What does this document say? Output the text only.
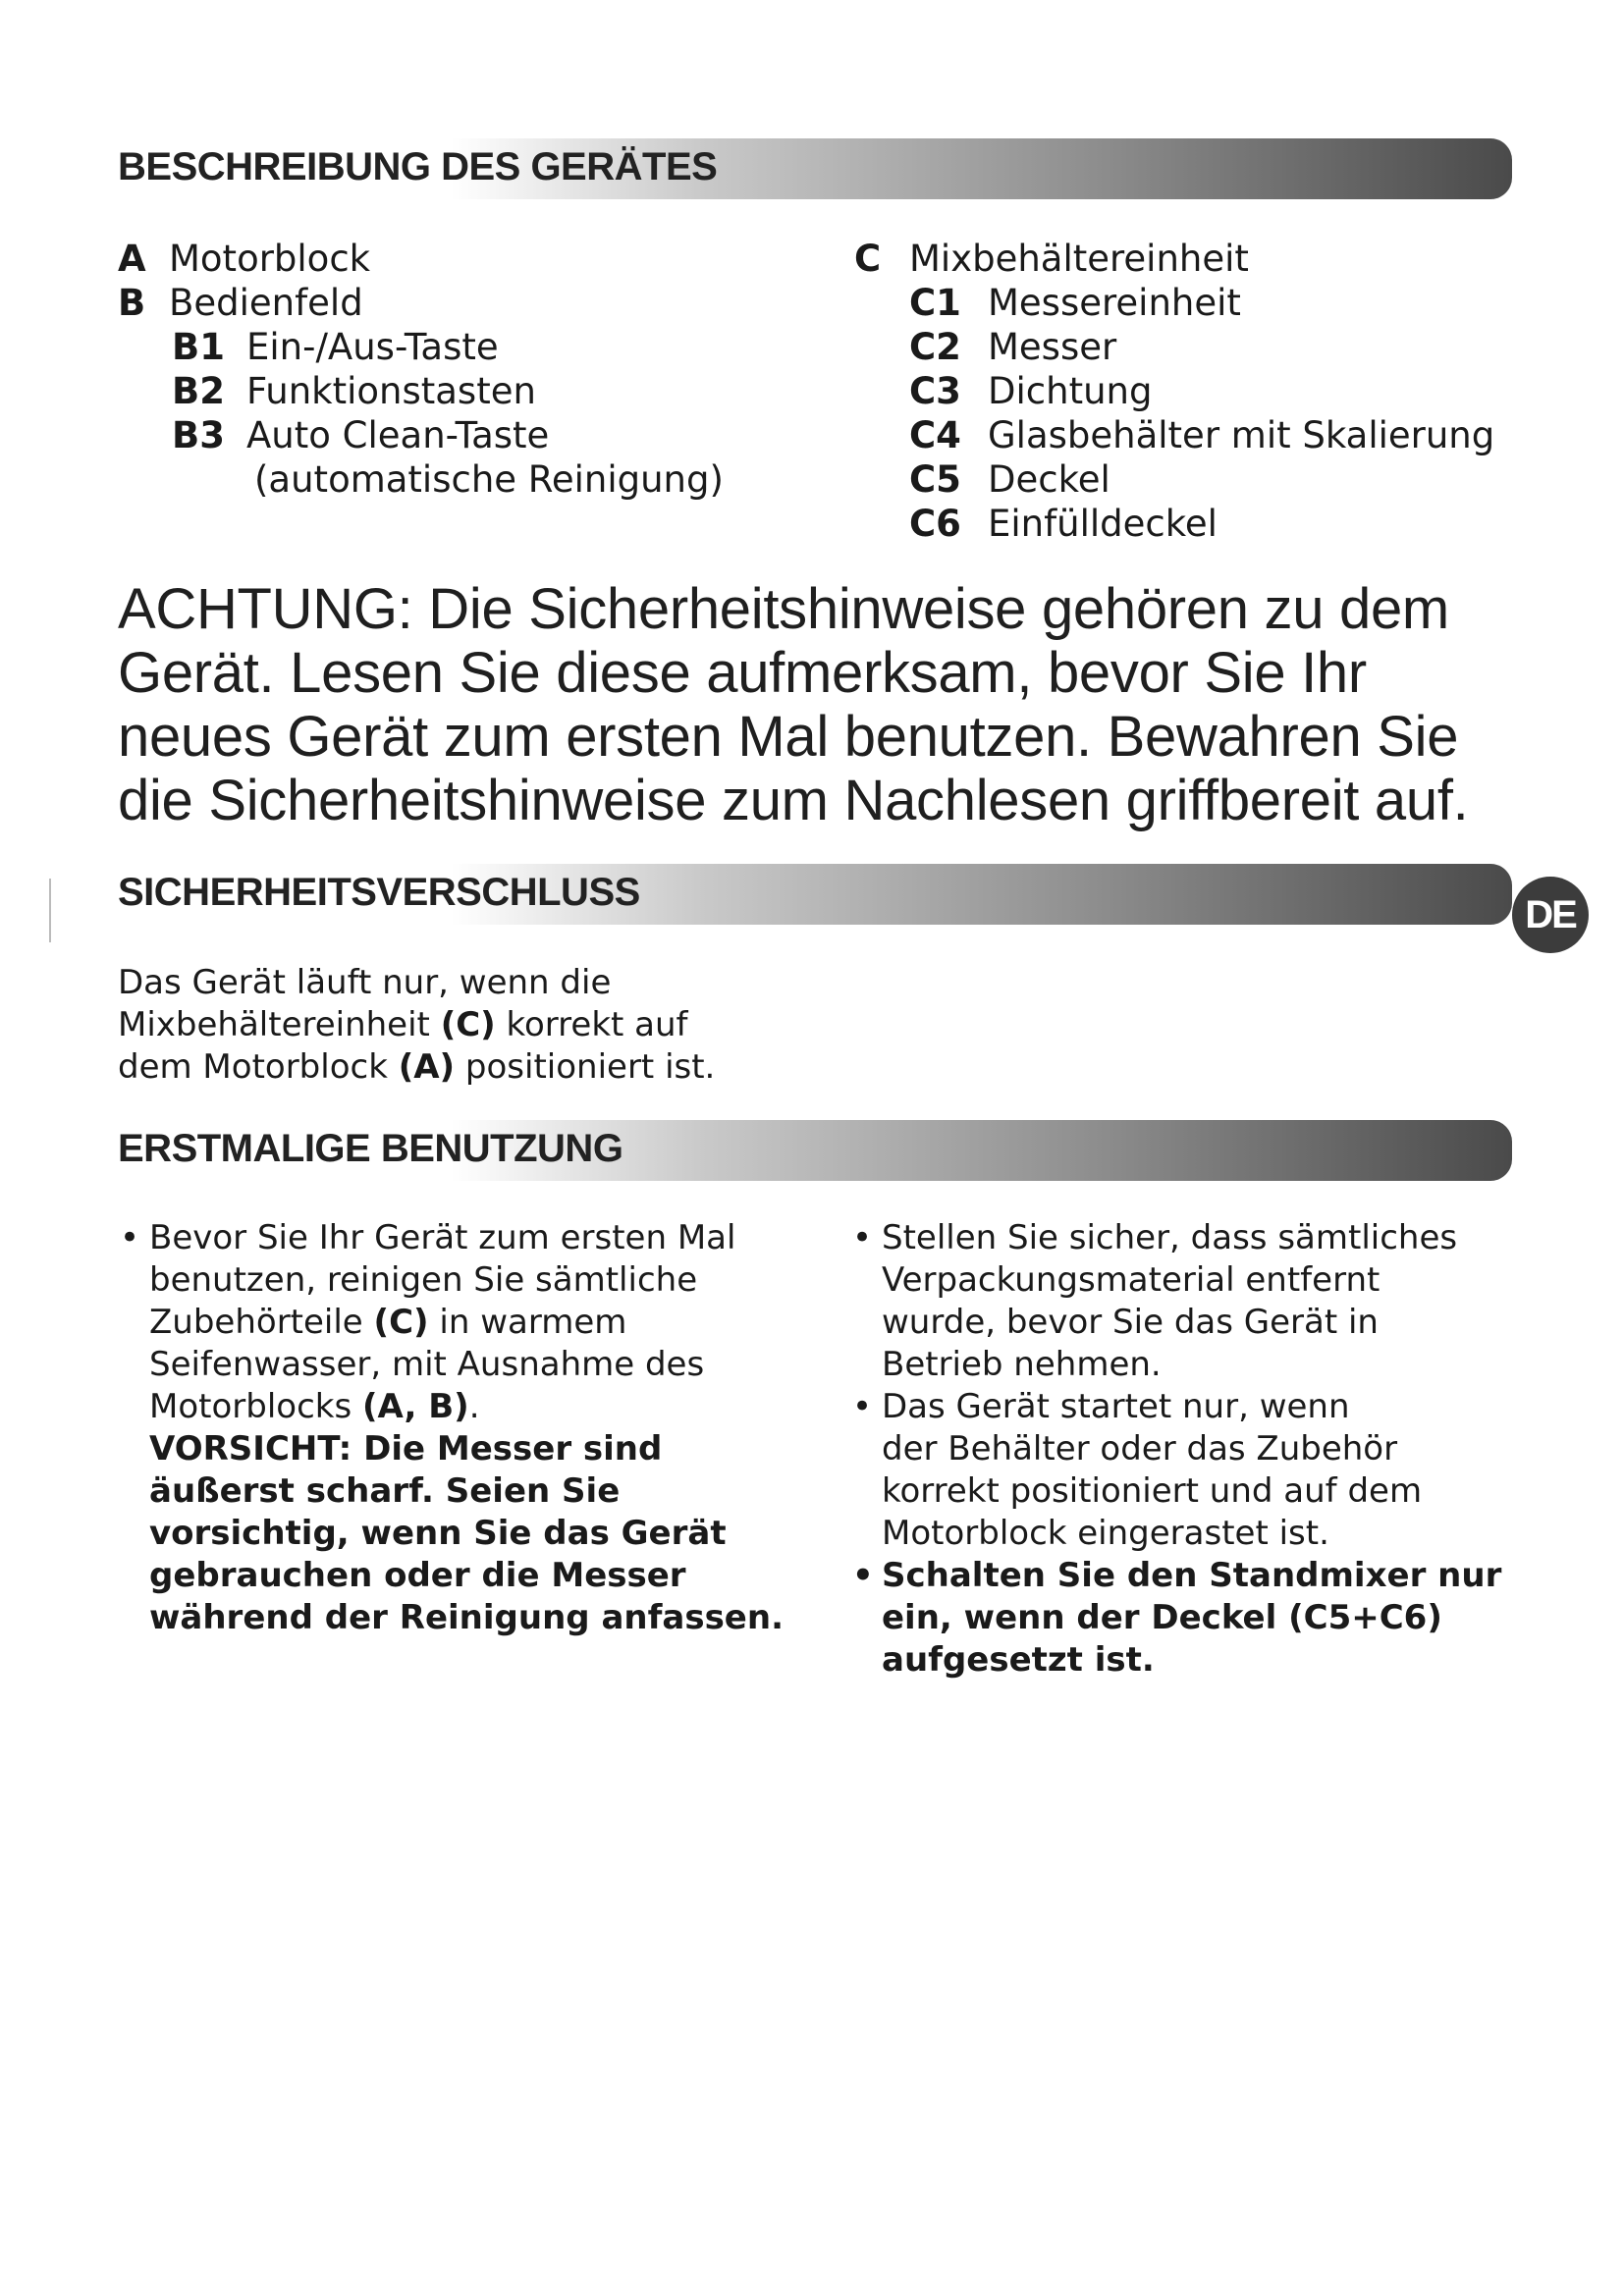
BESCHREIBUNG DES GERÄTES
A Motorblock
B Bedienfeld
B1 Ein-/Aus-Taste
B2 Funktionstasten
B3 Auto Clean-Taste
(automatische Reinigung)
C Mixbehältereinheit
C1 Messereinheit
C2 Messer
C3 Dichtung
C4 Glasbehälter mit Skalierung
C5 Deckel
C6 Einfülldeckel
ACHTUNG: Die Sicherheitshinweise gehören zu dem
Gerät. Lesen Sie diese aufmerksam, bevor Sie Ihr
neues Gerät zum ersten Mal benutzen. Bewahren Sie
die Sicherheitshinweise zum Nachlesen griffbereit auf.
SICHERHEITSVERSCHLUSS
DE
Das Gerät läuft nur, wenn die
Mixbehältereinheit (C) korrekt auf
dem Motorblock (A) positioniert ist.
ERSTMALIGE BENUTZUNG
• Bevor Sie Ihr Gerät zum ersten Mal
benutzen, reinigen Sie sämtliche
Zubehörteile (C) in warmem
Seifenwasser, mit Ausnahme des
Motorblocks (A, B).
VORSICHT: Die Messer sind
äußerst scharf. Seien Sie
vorsichtig, wenn Sie das Gerät
gebrauchen oder die Messer
während der Reinigung anfassen.
• Stellen Sie sicher, dass sämtliches
Verpackungsmaterial entfernt
wurde, bevor Sie das Gerät in
Betrieb nehmen.
• Das Gerät startet nur, wenn
der Behälter oder das Zubehör
korrekt positioniert und auf dem
Motorblock eingerastet ist.
• Schalten Sie den Standmixer nur
ein, wenn der Deckel (C5+C6)
aufgesetzt ist.
